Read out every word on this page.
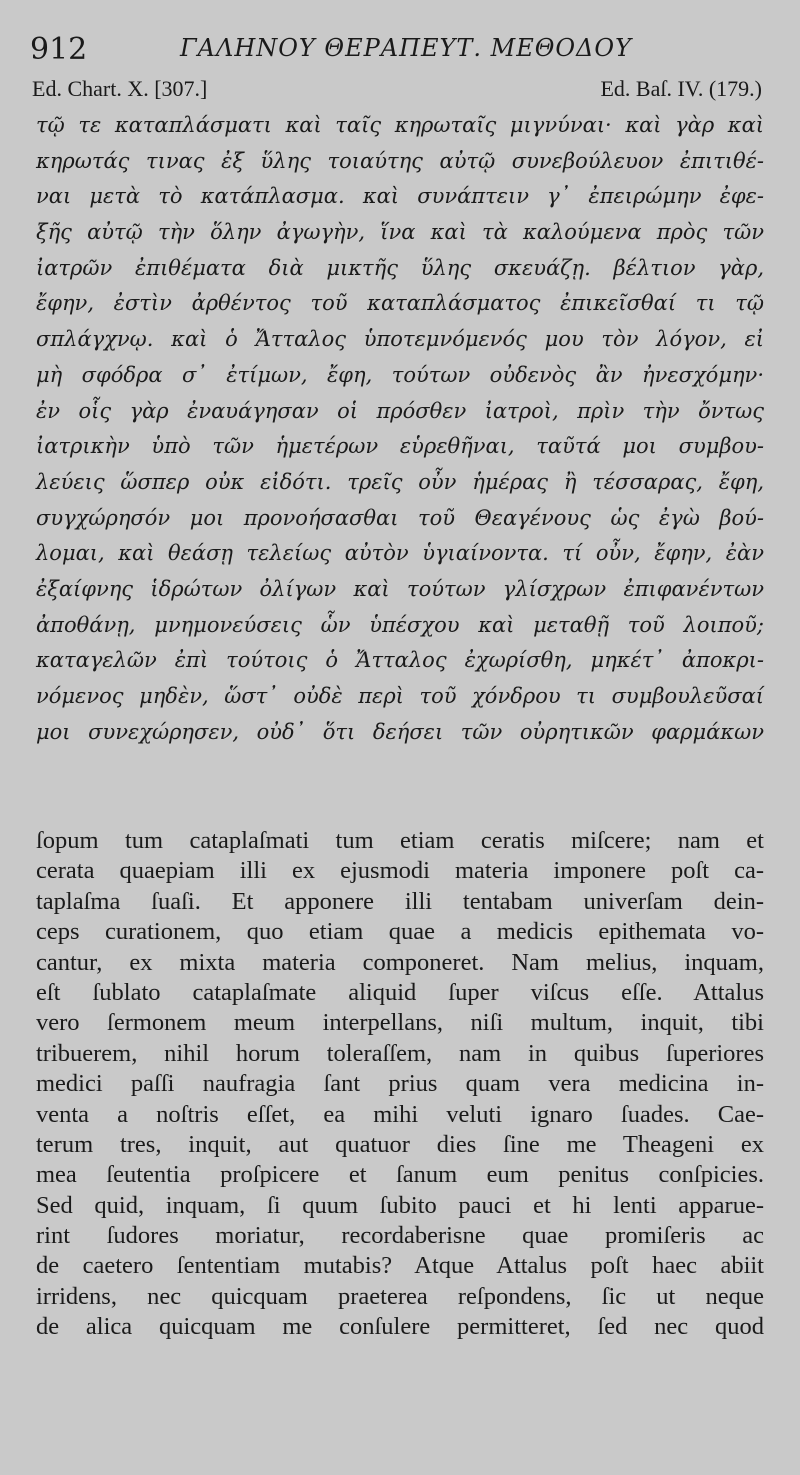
912	ΓΑΛΗΝΟΥ ΘΕΡΑΠΕΥΤ. ΜΕΘΟΔΟΥ
Ed. Chart. X. [307.]	Ed. Baſ. IV. (179.)
τῷ τε καταπλάσματι καὶ ταῖς κηρωταῖς μιγνύναι· καὶ γὰρ καὶ
κηρωτάς τινας ἐξ ὕλης τοιαύτης αὐτῷ συνεβούλευον ἐπιτιθέ-
ναι μετὰ τὸ κατάπλασμα. καὶ συνάπτειν γ᾽ ἐπειρώμην ἐφε-
ξῆς αὐτῷ τὴν ὅλην ἀγωγὴν, ἵνα καὶ τὰ καλούμενα πρὸς τῶν
ἰατρῶν ἐπιθέματα διὰ μικτῆς ὕλης σκευάζῃ. βέλτιον γὰρ,
ἔφην, ἐστὶν ἀρθέντος τοῦ καταπλάσματος ἐπικεῖσθαί τι τῷ
σπλάγχνῳ. καὶ ὁ Ἄτταλος ὑποτεμνόμενός μου τὸν λόγον, εἰ
μὴ σφόδρα σ᾽ ἐτίμων, ἔφη, τούτων οὐδενὸς ἂν ἠνεσχόμην·
ἐν οἷς γὰρ ἐναυάγησαν οἱ πρόσθεν ἰατροὶ, πρὶν τὴν ὄντως
ἰατρικὴν ὑπὸ τῶν ἡμετέρων εὑρεθῆναι, ταῦτά μοι συμβου-
λεύεις ὥσπερ οὐκ εἰδότι. τρεῖς οὖν ἡμέρας ἢ τέσσαρας, ἔφη,
συγχώρησόν μοι προνοήσασθαι τοῦ Θεαγένους ὡς ἐγὼ βού-
λομαι, καὶ θεάσῃ τελείως αὐτὸν ὑγιαίνοντα. τί οὖν, ἔφην, ἐὰν
ἐξαίφνης ἱδρώτων ὀλίγων καὶ τούτων γλίσχρων ἐπιφανέντων
ἀποθάνῃ, μνημονεύσεις ὧν ὑπέσχου καὶ μεταθῇ τοῦ λοιποῦ;
καταγελῶν ἐπὶ τούτοις ὁ Ἄτταλος ἐχωρίσθη, μηκέτ᾽ ἀποκρι-
νόμενος μηδὲν, ὥστ᾽ οὐδὲ περὶ τοῦ χόνδρου τι συμβουλεῦσαί
μοι συνεχώρησεν, οὐδ᾽ ὅτι δεήσει τῶν οὐρητικῶν φαρμάκων
ſopum tum cataplaſmati tum etiam ceratis miſcere; nam et
cerata quaepiam illi ex ejusmodi materia imponere poſt ca-
taplaſma ſuaſi. Et apponere illi tentabam univerſam dein-
ceps curationem, quo etiam quae a medicis epithemata vo-
cantur, ex mixta materia componeret. Nam melius, inquam,
eſt ſublato cataplaſmate aliquid ſuper viſcus eſſe. Attalus
vero ſermonem meum interpellans, niſi multum, inquit, tibi
tribuerem, nihil horum toleraſſem, nam in quibus ſuperiores
medici paſſi naufragia ſant prius quam vera medicina in-
venta a noſtris eſſet, ea mihi veluti ignaro ſuades. Cae-
terum tres, inquit, aut quatuor dies ſine me Theageni ex
mea ſeutentia proſpicere et ſanum eum penitus conſpicies.
Sed quid, inquam, ſi quum ſubito pauci et hi lenti apparue-
rint ſudores moriatur, recordaberisne quae promiſeris ac
de caetero ſententiam mutabis? Atque Attalus poſt haec abiit
irridens, nec quicquam praeterea reſpondens, ſic ut neque
de alica quicquam me conſulere permitteret, ſed nec quod
